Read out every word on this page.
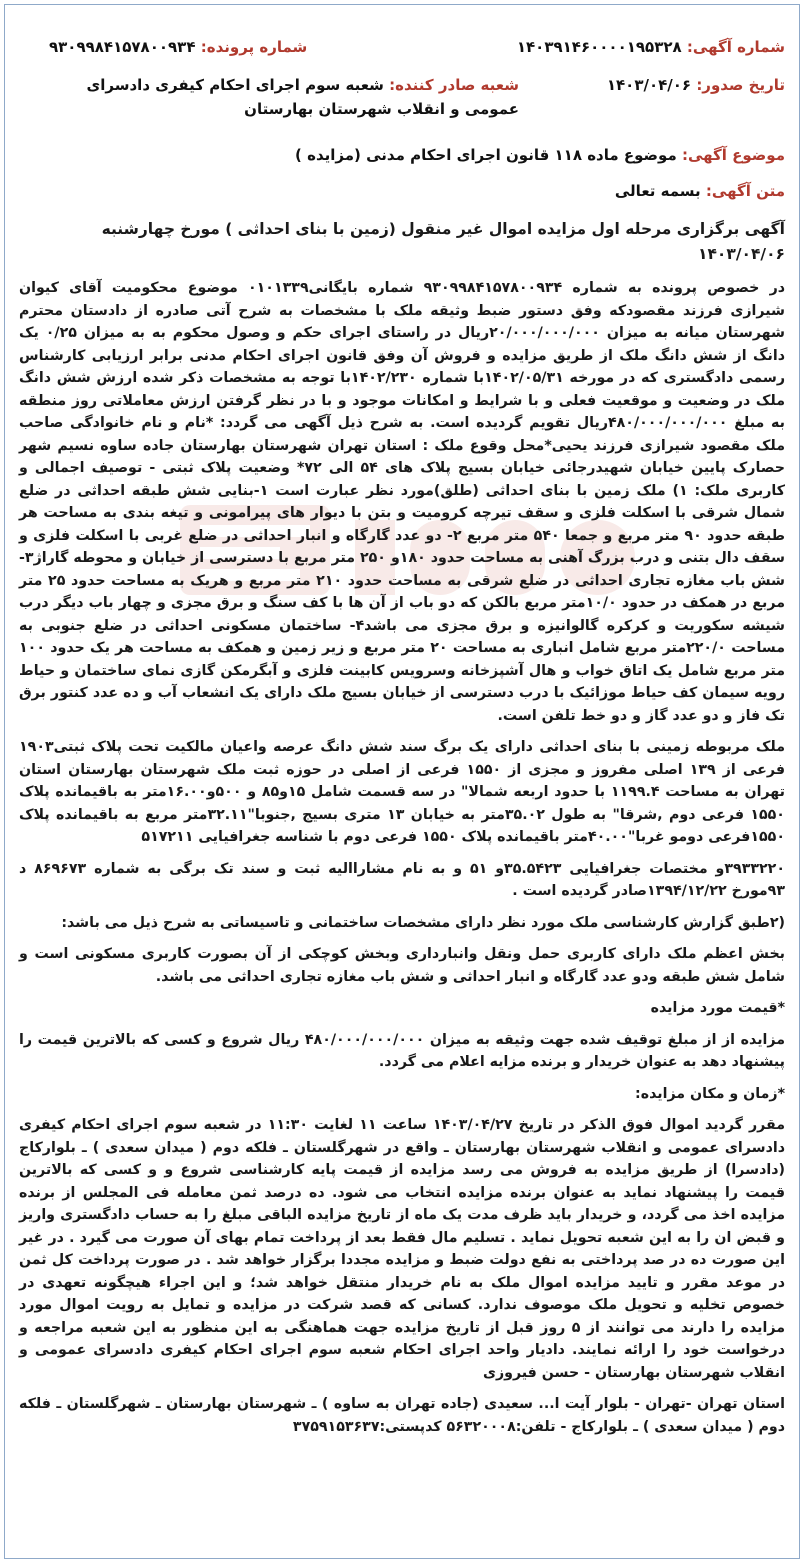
شماره آگهی: ۱۴۰۳۹۱۴۶۰۰۰۰۱۹۵۳۲۸
شماره پرونده: ۹۳۰۹۹۸۴۱۵۷۸۰۰۹۳۴
تاریخ صدور: ۱۴۰۳/۰۴/۰۶
شعبه صادر کننده: شعبه سوم اجرای احکام کیفری دادسرای عمومی و انقلاب شهرستان بهارستان
موضوع آگهی: موضوع ماده ۱۱۸ قانون اجرای احکام مدنی (مزایده )
متن آگهی: بسمه تعالی
آگهی برگزاری مرحله اول مزایده اموال غیر منقول (زمین با بنای احداثی ) مورخ چهارشنبه ۱۴۰۳/۰۴/۰۶

در خصوص پرونده به شماره ۹۳۰۹۹۸۴۱۵۷۸۰۰۹۳۴ شماره بایگانی۰۱۰۱۳۳۹ موضوع محکومیت آقای کیوان شیرازی فرزند مقصودکه وفق دستور ضبط وثیقه ملک با مشخصات به شرح آتی صادره از دادستان محترم شهرستان میانه به میزان ۲۰/۰۰۰/۰۰۰/۰۰۰ریال در راستای اجرای حکم و وصول محکوم به به میزان ۰/۲۵ یک دانگ از شش دانگ ملک از طریق مزایده و فروش آن وفق قانون اجرای احکام مدنی برابر ارزیابی کارشناس رسمی دادگستری که در مورخه ۱۴۰۲/۰۵/۳۱با شماره ۱۴۰۲/۲۳۰با توجه به مشخصات ذکر شده ارزش شش دانگ ملک در وضعیت و موقعیت فعلی و با شرایط و امکانات موجود و با در نظر گرفتن ارزش معاملاتی روز منطقه به مبلغ ۴۸۰/۰۰۰/۰۰۰/۰۰۰ریال تقویم گردیده است. به شرح ذیل آگهی می گردد: *نام و نام خانوادگی صاحب ملک مقصود شیرازی فرزند یحیی*محل وقوع ملک : استان تهران شهرستان بهارستان جاده ساوه نسیم شهر حصارک پایین خیابان شهیدرجائی خیابان بسیج پلاک های ۵۴ الی ۷۲* وضعیت پلاک ثبتی - توصیف اجمالی و کاربری ملک: ۱) ملک زمین با بنای احداثی (طلق)مورد نظر عبارت است ۱-بنایی شش طبقه احداثی در ضلع شمال شرقی با اسکلت فلزی و سقف تیرچه کرومیت و بتن با دیوار های پیرامونی و تیغه بندی به مساحت هر طبقه حدود ۹۰ متر مربع و جمعا ۵۴۰ متر مربع ۲- دو عدد گارگاه و انبار احداثی در ضلع غربی با اسکلت فلزی و سقف دال بتنی و درب بزرگ آهنی به مساحت حدود ۱۸۰و ۲۵۰ متر مربع با دسترسی از خیابان و محوطه گاراژ۳-شش باب مغازه تجاری احداثی در ضلع شرقی به مساحت حدود ۲۱۰ متر مربع و هریک به مساحت حدود ۲۵ متر مربع در همکف در حدود ۱۰/۰متر مربع بالکن که دو باب از آن ها با کف سنگ و برق مجزی و چهار باب دیگر درب شیشه سکوریت و کرکره گالوانیزه و برق مجزی می باشد۴- ساختمان مسکونی احداثی در ضلع جنوبی به مساحت ۲۲۰/۰متر مربع شامل انباری به مساحت ۲۰ متر مربع و زیر زمین و همکف به مساحت هر یک حدود ۱۰۰ متر مربع شامل یک اتاق خواب و هال آشپزخانه وسرویس کابینت فلزی و آبگرمکن گازی نمای ساختمان و حیاط رویه سیمان کف حیاط موزائیک با درب دسترسی از خیابان بسیج ملک دارای یک انشعاب آب و ده عدد کنتور برق تک فاز و دو عدد گاز و دو خط تلفن است.

ملک مربوطه زمینی با بنای احداثی دارای یک برگ سند شش دانگ عرصه واعیان مالکیت تحت پلاک ثبتی۱۹۰۳ فرعی از ۱۳۹ اصلی مفروز و مجزی از ۱۵۵۰ فرعی از اصلی در حوزه ثبت ملک شهرستان بهارستان استان تهران به مساحت ۱۱۹۹.۴ با حدود اربعه شمالا" در سه قسمت شامل ۱۵و۸۵ و ۵۰۰و۱۶.۰۰متر به باقیمانده پلاک ۱۵۵۰ فرعی دوم ,شرقا" به طول ۳۵.۰۲متر به خیابان ۱۳ متری بسیج ,جنوبا"۳۲.۱۱متر مربع به باقیمانده پلاک ۱۵۵۰فرعی دومو غربا"۴۰.۰۰متر باقیمانده پلاک ۱۵۵۰ فرعی دوم با شناسه جغرافیایی ۵۱۷۲۱۱

۳۹۳۳۲۲۰و مختصات جغرافیایی ۳۵.۵۴۲۳و ۵۱ و به نام مشاراالیه ثبت و سند تک برگی به شماره ۸۶۹۶۷۳ د ۹۳مورخ ۱۳۹۴/۱۲/۲۲صادر گردیده است .

(۲طبق گزارش کارشناسی ملک مورد نظر دارای مشخصات ساختمانی و تاسیساتی به شرح ذیل می باشد:

بخش اعظم ملک دارای کاربری حمل ونقل وانبارداری وبخش کوچکی از آن بصورت کاربری مسکونی است و شامل شش طبقه ودو عدد گارگاه و انبار احداثی و شش باب مغازه تجاری احداثی می باشد.

*قیمت مورد مزایده

مزایده از از مبلغ توقیف شده جهت وثیقه به میزان ۴۸۰/۰۰۰/۰۰۰/۰۰۰ ریال شروع و کسی که بالاترین قیمت را پیشنهاد دهد به عنوان خریدار و برنده مزایه اعلام می گردد.

*زمان و مکان مزایده:

مقرر گردید اموال فوق الذکر در تاریخ ۱۴۰۳/۰۴/۲۷ ساعت ۱۱ لغایت ۱۱:۳۰ در شعبه سوم اجرای احکام کیفری دادسرای عمومی و انقلاب شهرستان بهارستان ـ واقع در شهرگلستان ـ فلکه دوم ( میدان سعدی ) ـ بلوارکاج (دادسرا) از طریق مزایده به فروش می رسد مزایده از قیمت پایه کارشناسی شروع و و کسی که بالاترین قیمت را پیشنهاد نماید به عنوان برنده مزایده انتخاب می شود. ده درصد ثمن معامله فی المجلس از برنده مزایده اخذ می گردد، و خریدار باید ظرف مدت یک ماه از تاریخ مزایده الباقی مبلغ را به حساب دادگستری واریز و قبض ان را به این شعبه تحویل نماید . تسلیم مال فقط بعد از پرداخت تمام بهای آن صورت می گیرد . در غیر این صورت ده در صد پرداختی به نفع دولت ضبط و مزایده مجددا برگزار خواهد شد . در صورت پرداخت کل ثمن در موعد مقرر و تایید مزایده اموال ملک به نام خریدار منتقل خواهد شد؛ و این اجراء هیچگونه تعهدی در خصوص تخلیه و تحویل ملک موصوف ندارد. کسانی که قصد شرکت در مزایده و تمایل به رویت اموال مورد مزایده را دارند می توانند از ۵ روز قبل از تاریخ مزایده جهت هماهنگی به این منظور به این شعبه مراجعه و درخواست خود را ارائه نمایند. دادیار واحد اجرای احکام شعبه سوم اجرای احکام کیفری دادسرای عمومی و انقلاب شهرستان بهارستان - حسن فیروزی

استان تهران -تهران - بلوار آیت ا... سعیدی (جاده تهران به ساوه ) ـ شهرستان بهارستان ـ شهرگلستان ـ فلکه دوم ( میدان سعدی ) ـ بلوارکاج - تلفن:۵۶۳۲۰۰۰۸ کدپستی:۳۷۵۹۱۵۳۶۳۷
